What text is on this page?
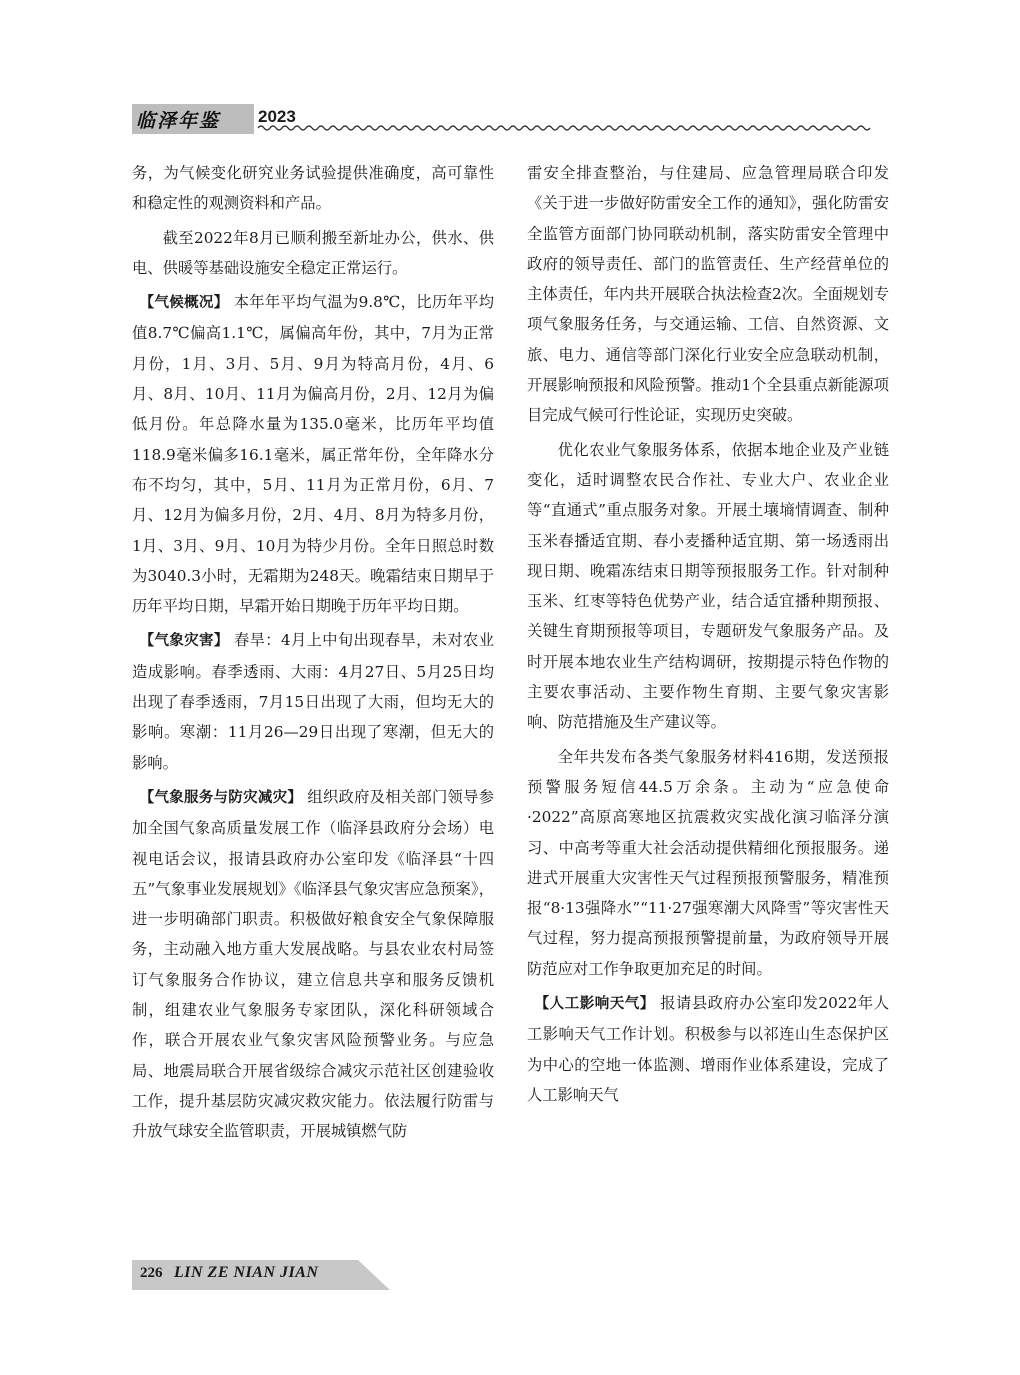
临泽年鉴 2023

务，为气候变化研究业务试验提供准确度，高可靠性和稳定性的观测资料和产品。

截至2022年8月已顺利搬至新址办公，供水、供电、供暖等基础设施安全稳定正常运行。

【气候概况】 本年年平均气温为9.8℃，比历年平均值8.7℃偏高1.1℃，属偏高年份，其中，7月为正常月份，1月、3月、5月、9月为特高月份，4月、6月、8月、10月、11月为偏高月份，2月、12月为偏低月份。年总降水量为135.0毫米，比历年平均值118.9毫米偏多16.1毫米，属正常年份，全年降水分布不均匀，其中，5月、11月为正常月份，6月、7月、12月为偏多月份，2月、4月、8月为特多月份，1月、3月、9月、10月为特少月份。全年日照总时数为3040.3小时，无霜期为248天。晚霜结束日期早于历年平均日期，早霜开始日期晚于历年平均日期。

【气象灾害】 春旱：4月上中旬出现春旱，未对农业造成影响。春季透雨、大雨：4月27日、5月25日均出现了春季透雨，7月15日出现了大雨，但均无大的影响。寒潮：11月26—29日出现了寒潮，但无大的影响。

【气象服务与防灾减灾】 组织政府及相关部门领导参加全国气象高质量发展工作（临泽县政府分会场）电视电话会议，报请县政府办公室印发《临泽县“十四五”气象事业发展规划》《临泽县气象灾害应急预案》，进一步明确部门职责。积极做好粮食安全气象保障服务，主动融入地方重大发展战略。与县农业农村局签订气象服务合作协议，建立信息共享和服务反馈机制，组建农业气象服务专家团队，深化科研领域合作，联合开展农业气象灾害风险预警业务。与应急局、地震局联合开展省级综合减灾示范社区创建验收工作，提升基层防灾减灾救灾能力。依法履行防雷与升放气球安全监管职责，开展城镇燃气防

雷安全排查整治，与住建局、应急管理局联合印发《关于进一步做好防雷安全工作的通知》，强化防雷安全监管方面部门协同联动机制，落实防雷安全管理中政府的领导责任、部门的监管责任、生产经营单位的主体责任，年内共开展联合执法检查2次。全面规划专项气象服务任务，与交通运输、工信、自然资源、文旅、电力、通信等部门深化行业安全应急联动机制，开展影响预报和风险预警。推动1个全县重点新能源项目完成气候可行性论证，实现历史突破。

优化农业气象服务体系，依据本地企业及产业链变化，适时调整农民合作社、专业大户、农业企业等“直通式”重点服务对象。开展土壤墒情调查、制种玉米春播适宜期、春小麦播种适宜期、第一场透雨出现日期、晚霜冻结束日期等预报服务工作。针对制种玉米、红枣等特色优势产业，结合适宜播种期预报、关键生育期预报等项目，专题研发气象服务产品。及时开展本地农业生产结构调研，按期提示特色作物的主要农事活动、主要作物生育期、主要气象灾害影响、防范措施及生产建议等。

全年共发布各类气象服务材料416期，发送预报预警服务短信44.5万余条。主动为“应急使命·2022”高原高寒地区抗震救灾实战化演习临泽分演习、中高考等重大社会活动提供精细化预报服务。递进式开展重大灾害性天气过程预报预警服务，精准预报“8·13强降水”“11·27强寒潮大风降雪”等灾害性天气过程，努力提高预报预警提前量，为政府领导开展防范应对工作争取更加充足的时间。

【人工影响天气】 报请县政府办公室印发2022年人工影响天气工作计划。积极参与以祁连山生态保护区为中心的空地一体监测、增雨作业体系建设，完成了人工影响天气

226 LIN ZE NIAN JIAN
